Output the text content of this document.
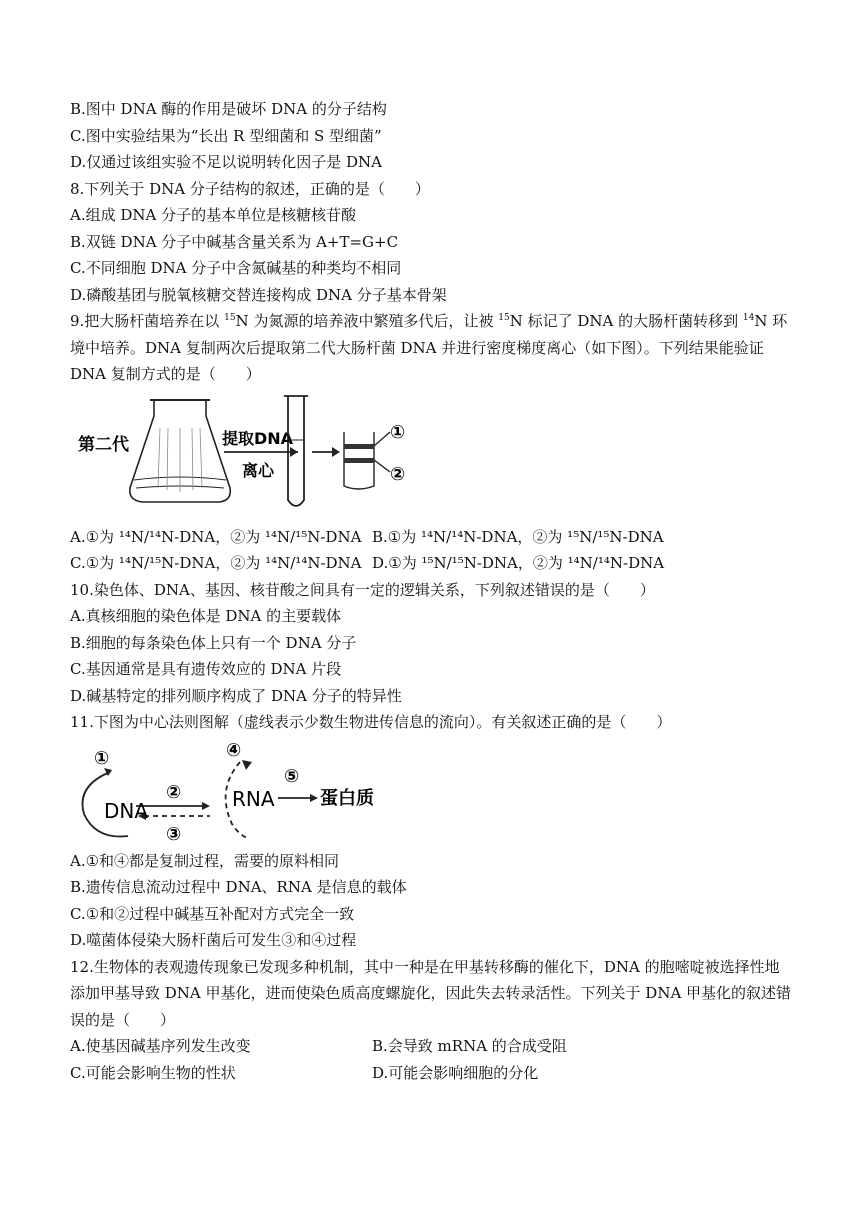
B.图中 DNA 酶的作用是破坏 DNA 的分子结构
C.图中实验结果为“长出 R 型细菌和 S 型细菌”
D.仅通过该组实验不足以说明转化因子是 DNA
8.下列关于 DNA 分子结构的叙述，正确的是（　　）
A.组成 DNA 分子的基本单位是核糖核苷酸
B.双链 DNA 分子中碱基含量关系为 A+T=G+C
C.不同细胞 DNA 分子中含氮碱基的种类均不相同
D.磷酸基团与脱氧核糖交替连接构成 DNA 分子基本骨架
9.把大肠杆菌培养在以 $^{15}$N 为氮源的培养液中繁殖多代后，让被 $^{15}$N 标记了 DNA 的大肠杆菌转移到 $^{14}$N 环境中培养。DNA 复制两次后提取第二代大肠杆菌 DNA 并进行密度梯度离心（如下图）。下列结果能验证 DNA 复制方式的是（　　）
第二代	提取DNA
离心
①
②
A.①为 ¹⁴N/¹⁴N-DNA，②为 ¹⁴N/¹⁵N-DNA B.①为 ¹⁴N/¹⁴N-DNA，②为 ¹⁵N/¹⁵N-DNA
C.①为 ¹⁴N/¹⁵N-DNA，②为 ¹⁴N/¹⁴N-DNA D.①为 ¹⁵N/¹⁵N-DNA，②为 ¹⁴N/¹⁴N-DNA
10.染色体、DNA、基因、核苷酸之间具有一定的逻辑关系，下列叙述错误的是（　　）
A.真核细胞的染色体是 DNA 的主要载体
B.细胞的每条染色体上只有一个 DNA 分子
C.基因通常是具有遗传效应的 DNA 片段
D.碱基特定的排列顺序构成了 DNA 分子的特异性
11.下图为中心法则图解（虚线表示少数生物进传信息的流向）。有关叙述正确的是（　　）
①
DNA
②
③
④
RNA
⑤
蛋白质
A.①和④都是复制过程，需要的原料相同
B.遗传信息流动过程中 DNA、RNA 是信息的载体
C.①和②过程中碱基互补配对方式完全一致
D.噬菌体侵染大肠杆菌后可发生③和④过程
12.生物体的表观遗传现象已发现多种机制，其中一种是在甲基转移酶的催化下，DNA 的胞嘧啶被选择性地添加甲基导致 DNA 甲基化，进而使染色质高度螺旋化，因此失去转录活性。下列关于 DNA 甲基化的叙述错误的是（　　）
A.使基因碱基序列发生改变	B.会导致 mRNA 的合成受阻
C.可能会影响生物的性状	D.可能会影响细胞的分化
